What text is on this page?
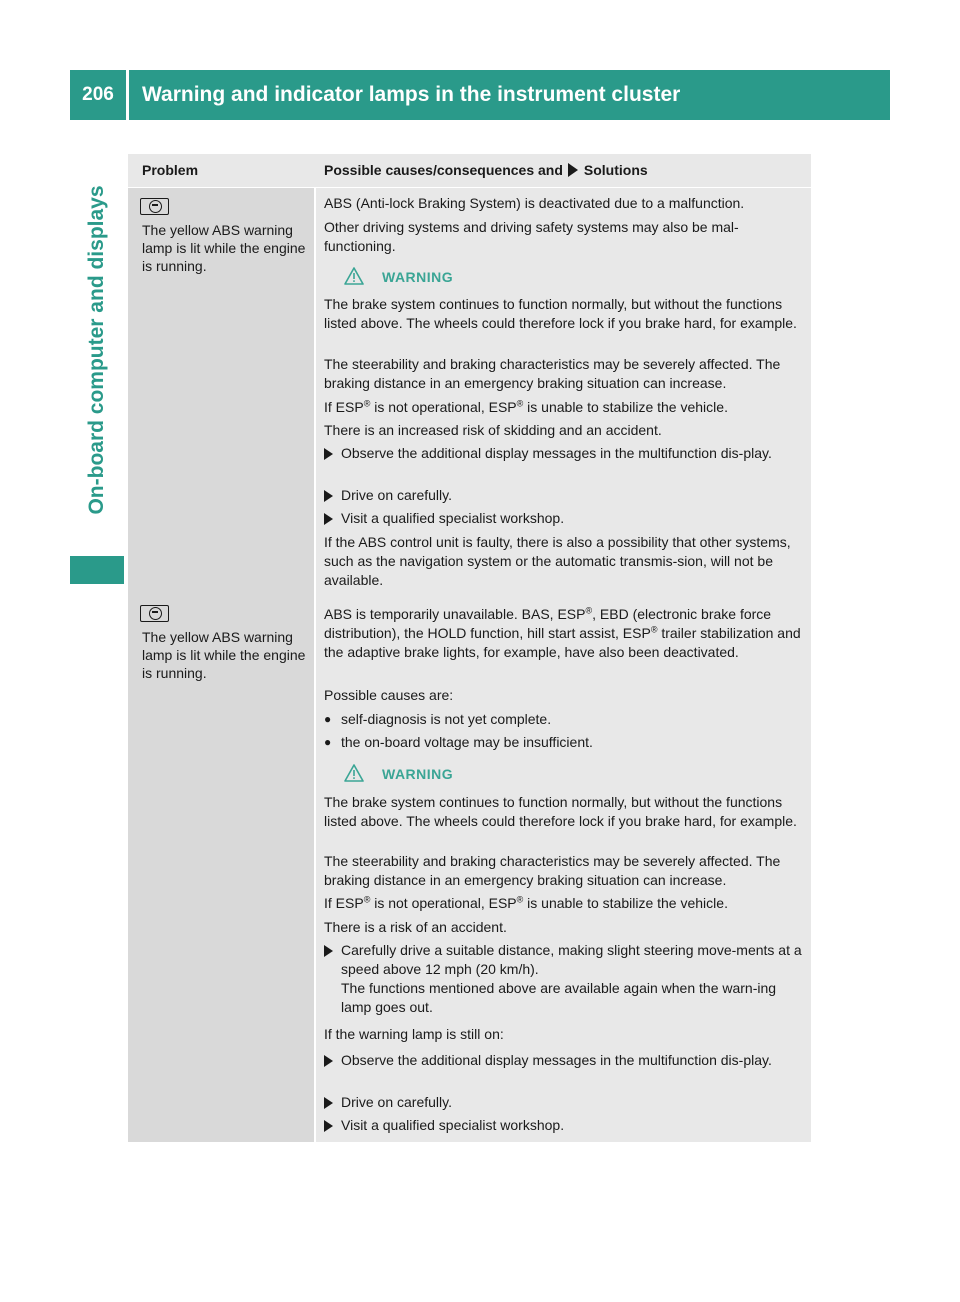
206	Warning and indicator lamps in the instrument cluster
On-board computer and displays
Problem	Possible causes/consequences and Solutions
The yellow ABS warning lamp is lit while the engine is running.
ABS (Anti-lock Braking System) is deactivated due to a malfunction.
Other driving systems and driving safety systems may also be mal-functioning.
WARNING
The brake system continues to function normally, but without the functions listed above. The wheels could therefore lock if you brake hard, for example.
The steerability and braking characteristics may be severely affected. The braking distance in an emergency braking situation can increase.
If ESP® is not operational, ESP® is unable to stabilize the vehicle.
There is an increased risk of skidding and an accident.
Observe the additional display messages in the multifunction dis-play.
Drive on carefully.
Visit a qualified specialist workshop.
If the ABS control unit is faulty, there is also a possibility that other systems, such as the navigation system or the automatic transmis-sion, will not be available.
The yellow ABS warning lamp is lit while the engine is running.
ABS is temporarily unavailable. BAS, ESP®, EBD (electronic brake force distribution), the HOLD function, hill start assist, ESP® trailer stabilization and the adaptive brake lights, for example, have also been deactivated.
Possible causes are:
● self-diagnosis is not yet complete.
● the on-board voltage may be insufficient.
WARNING
The brake system continues to function normally, but without the functions listed above. The wheels could therefore lock if you brake hard, for example.
The steerability and braking characteristics may be severely affected. The braking distance in an emergency braking situation can increase.
If ESP® is not operational, ESP® is unable to stabilize the vehicle.
There is a risk of an accident.
Carefully drive a suitable distance, making slight steering move-ments at a speed above 12 mph (20 km/h).
The functions mentioned above are available again when the warn-ing lamp goes out.
If the warning lamp is still on:
Observe the additional display messages in the multifunction dis-play.
Drive on carefully.
Visit a qualified specialist workshop.
